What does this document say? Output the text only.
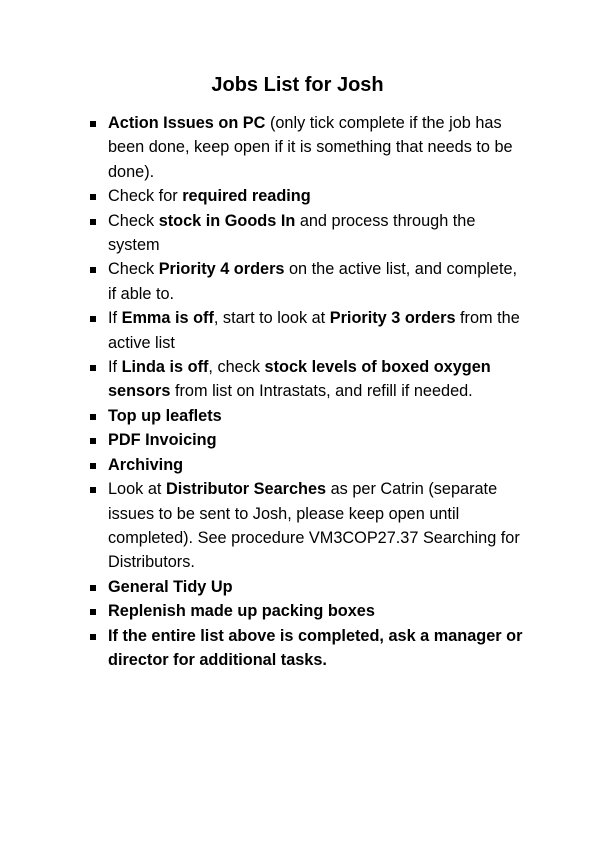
Jobs List for Josh
Action Issues on PC (only tick complete if the job has been done, keep open if it is something that needs to be done).
Check for required reading
Check stock in Goods In and process through the system
Check Priority 4 orders on the active list, and complete, if able to.
If Emma is off, start to look at Priority 3 orders from the active list
If Linda is off, check stock levels of boxed oxygen sensors from list on Intrastats, and refill if needed.
Top up leaflets
PDF Invoicing
Archiving
Look at Distributor Searches as per Catrin (separate issues to be sent to Josh, please keep open until completed). See procedure VM3COP27.37 Searching for Distributors.
General Tidy Up
Replenish made up packing boxes
If the entire list above is completed, ask a manager or director for additional tasks.
